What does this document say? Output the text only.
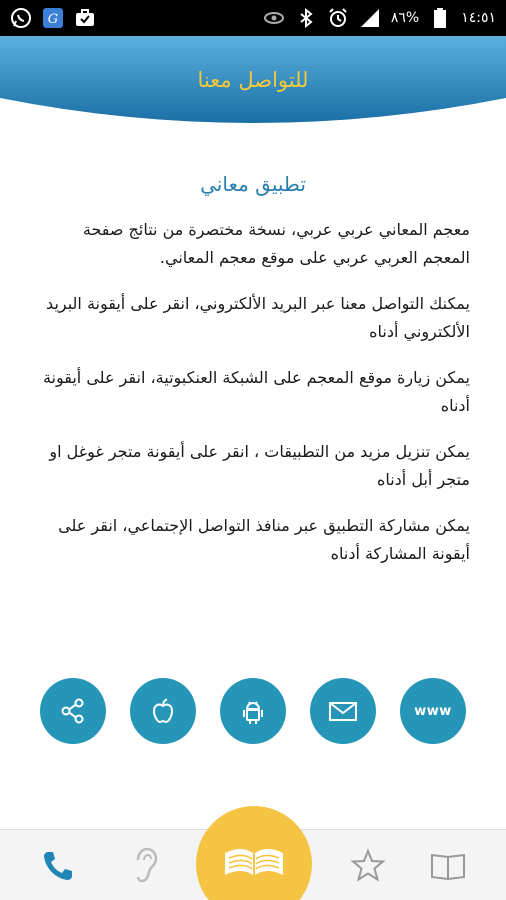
G	٨٦%	١٤:٥١
للتواصل معنا
تطبيق معاني

معجم المعاني عربي عربي، نسخة مختصرة من نتائج صفحة المعجم العربي عربي على موقع معجم المعاني.

يمكنك التواصل معنا عبر البريد الألكتروني، انقر على أيقونة البريد الألكتروني أدناه

يمكن زيارة موقع المعجم على الشبكة العنكبوتية، انقر على أيقونة أدناه

يمكن تنزيل مزيد من التطبيقات ، انقر على أيقونة متجر غوغل او متجر أبل أدناه

يمكن مشاركة التطبيق عبر منافذ التواصل الإجتماعي، انقر على أيقونة المشاركة أدناه

www
